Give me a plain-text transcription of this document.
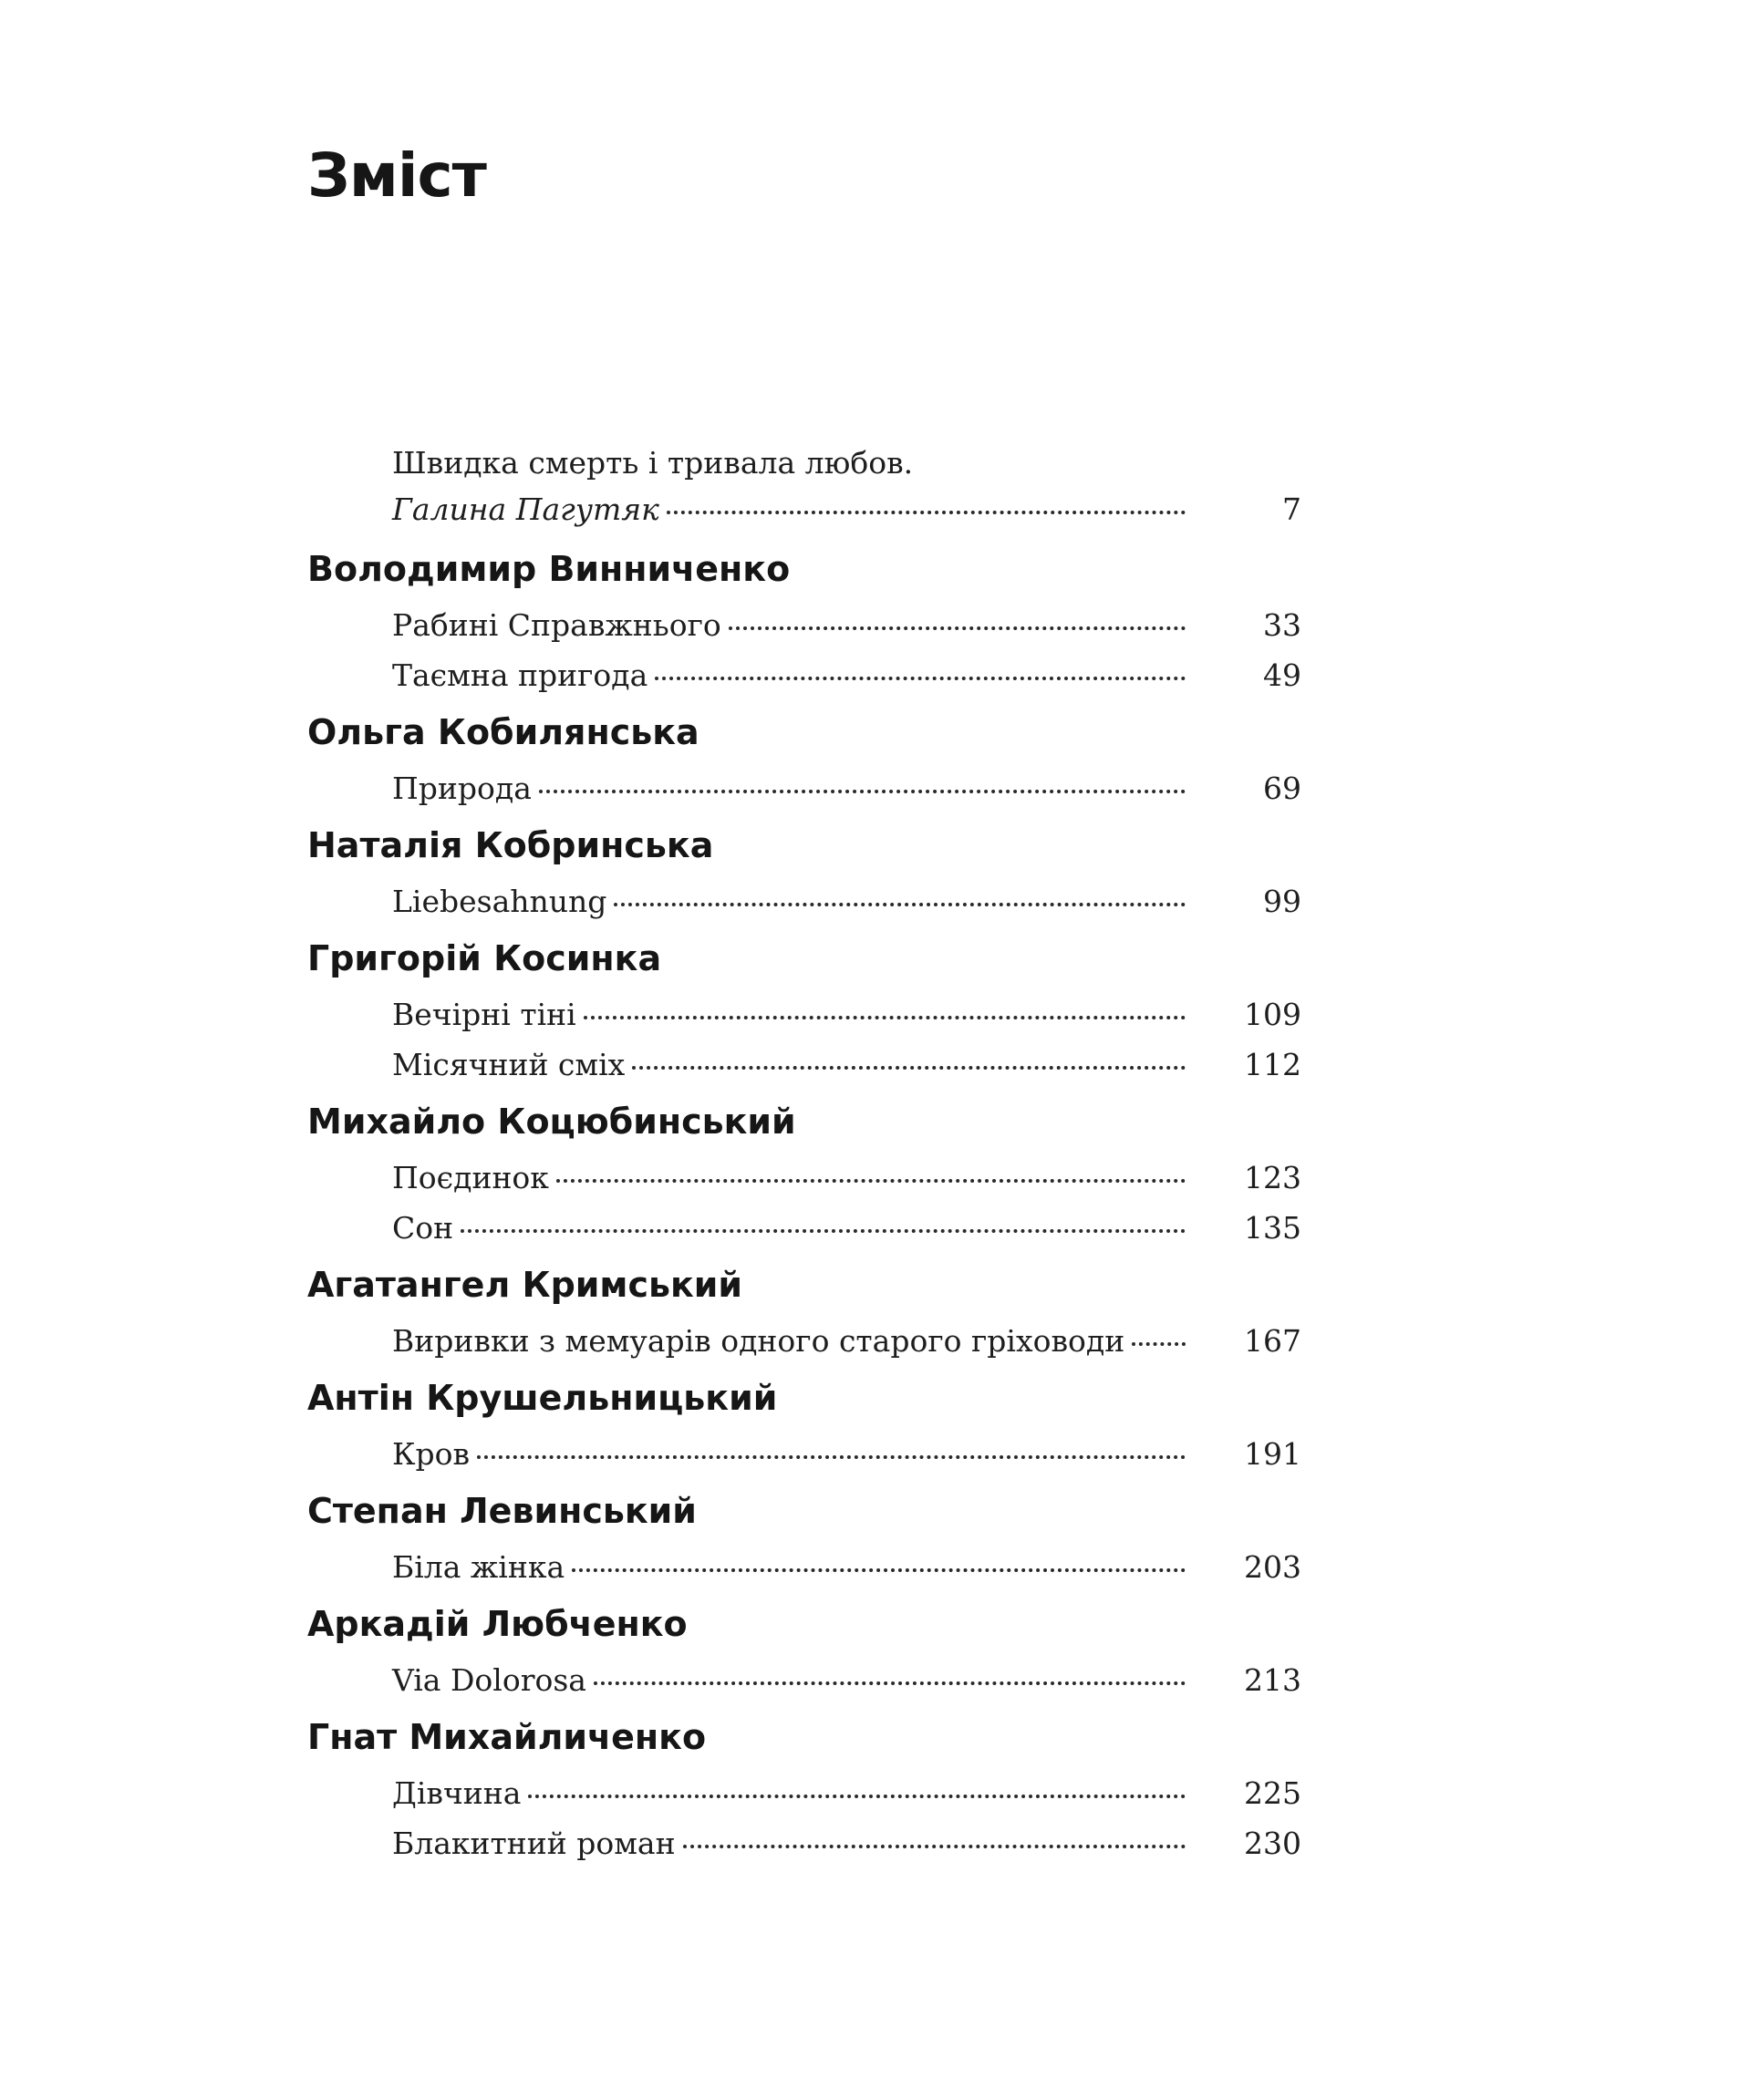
Зміст
Швидка смерть і тривала любов.
Галина Пагутяк	7
Володимир Винниченко
Рабині Справжнього	33
Таємна пригода	49
Ольга Кобилянська
Природа	69
Наталія Кобринська
Liebesahnung	99
Григорій Косинка
Вечірні тіні	109
Місячний сміх	112
Михайло Коцюбинський
Поєдинок	123
Сон	135
Агатангел Кримський
Виривки з мемуарів одного старого гріховоди	167
Антін Крушельницький
Кров	191
Степан Левинський
Біла жінка	203
Аркадій Любченко
Via Dolorosa	213
Гнат Михайличенко
Дівчина	225
Блакитний роман	230
